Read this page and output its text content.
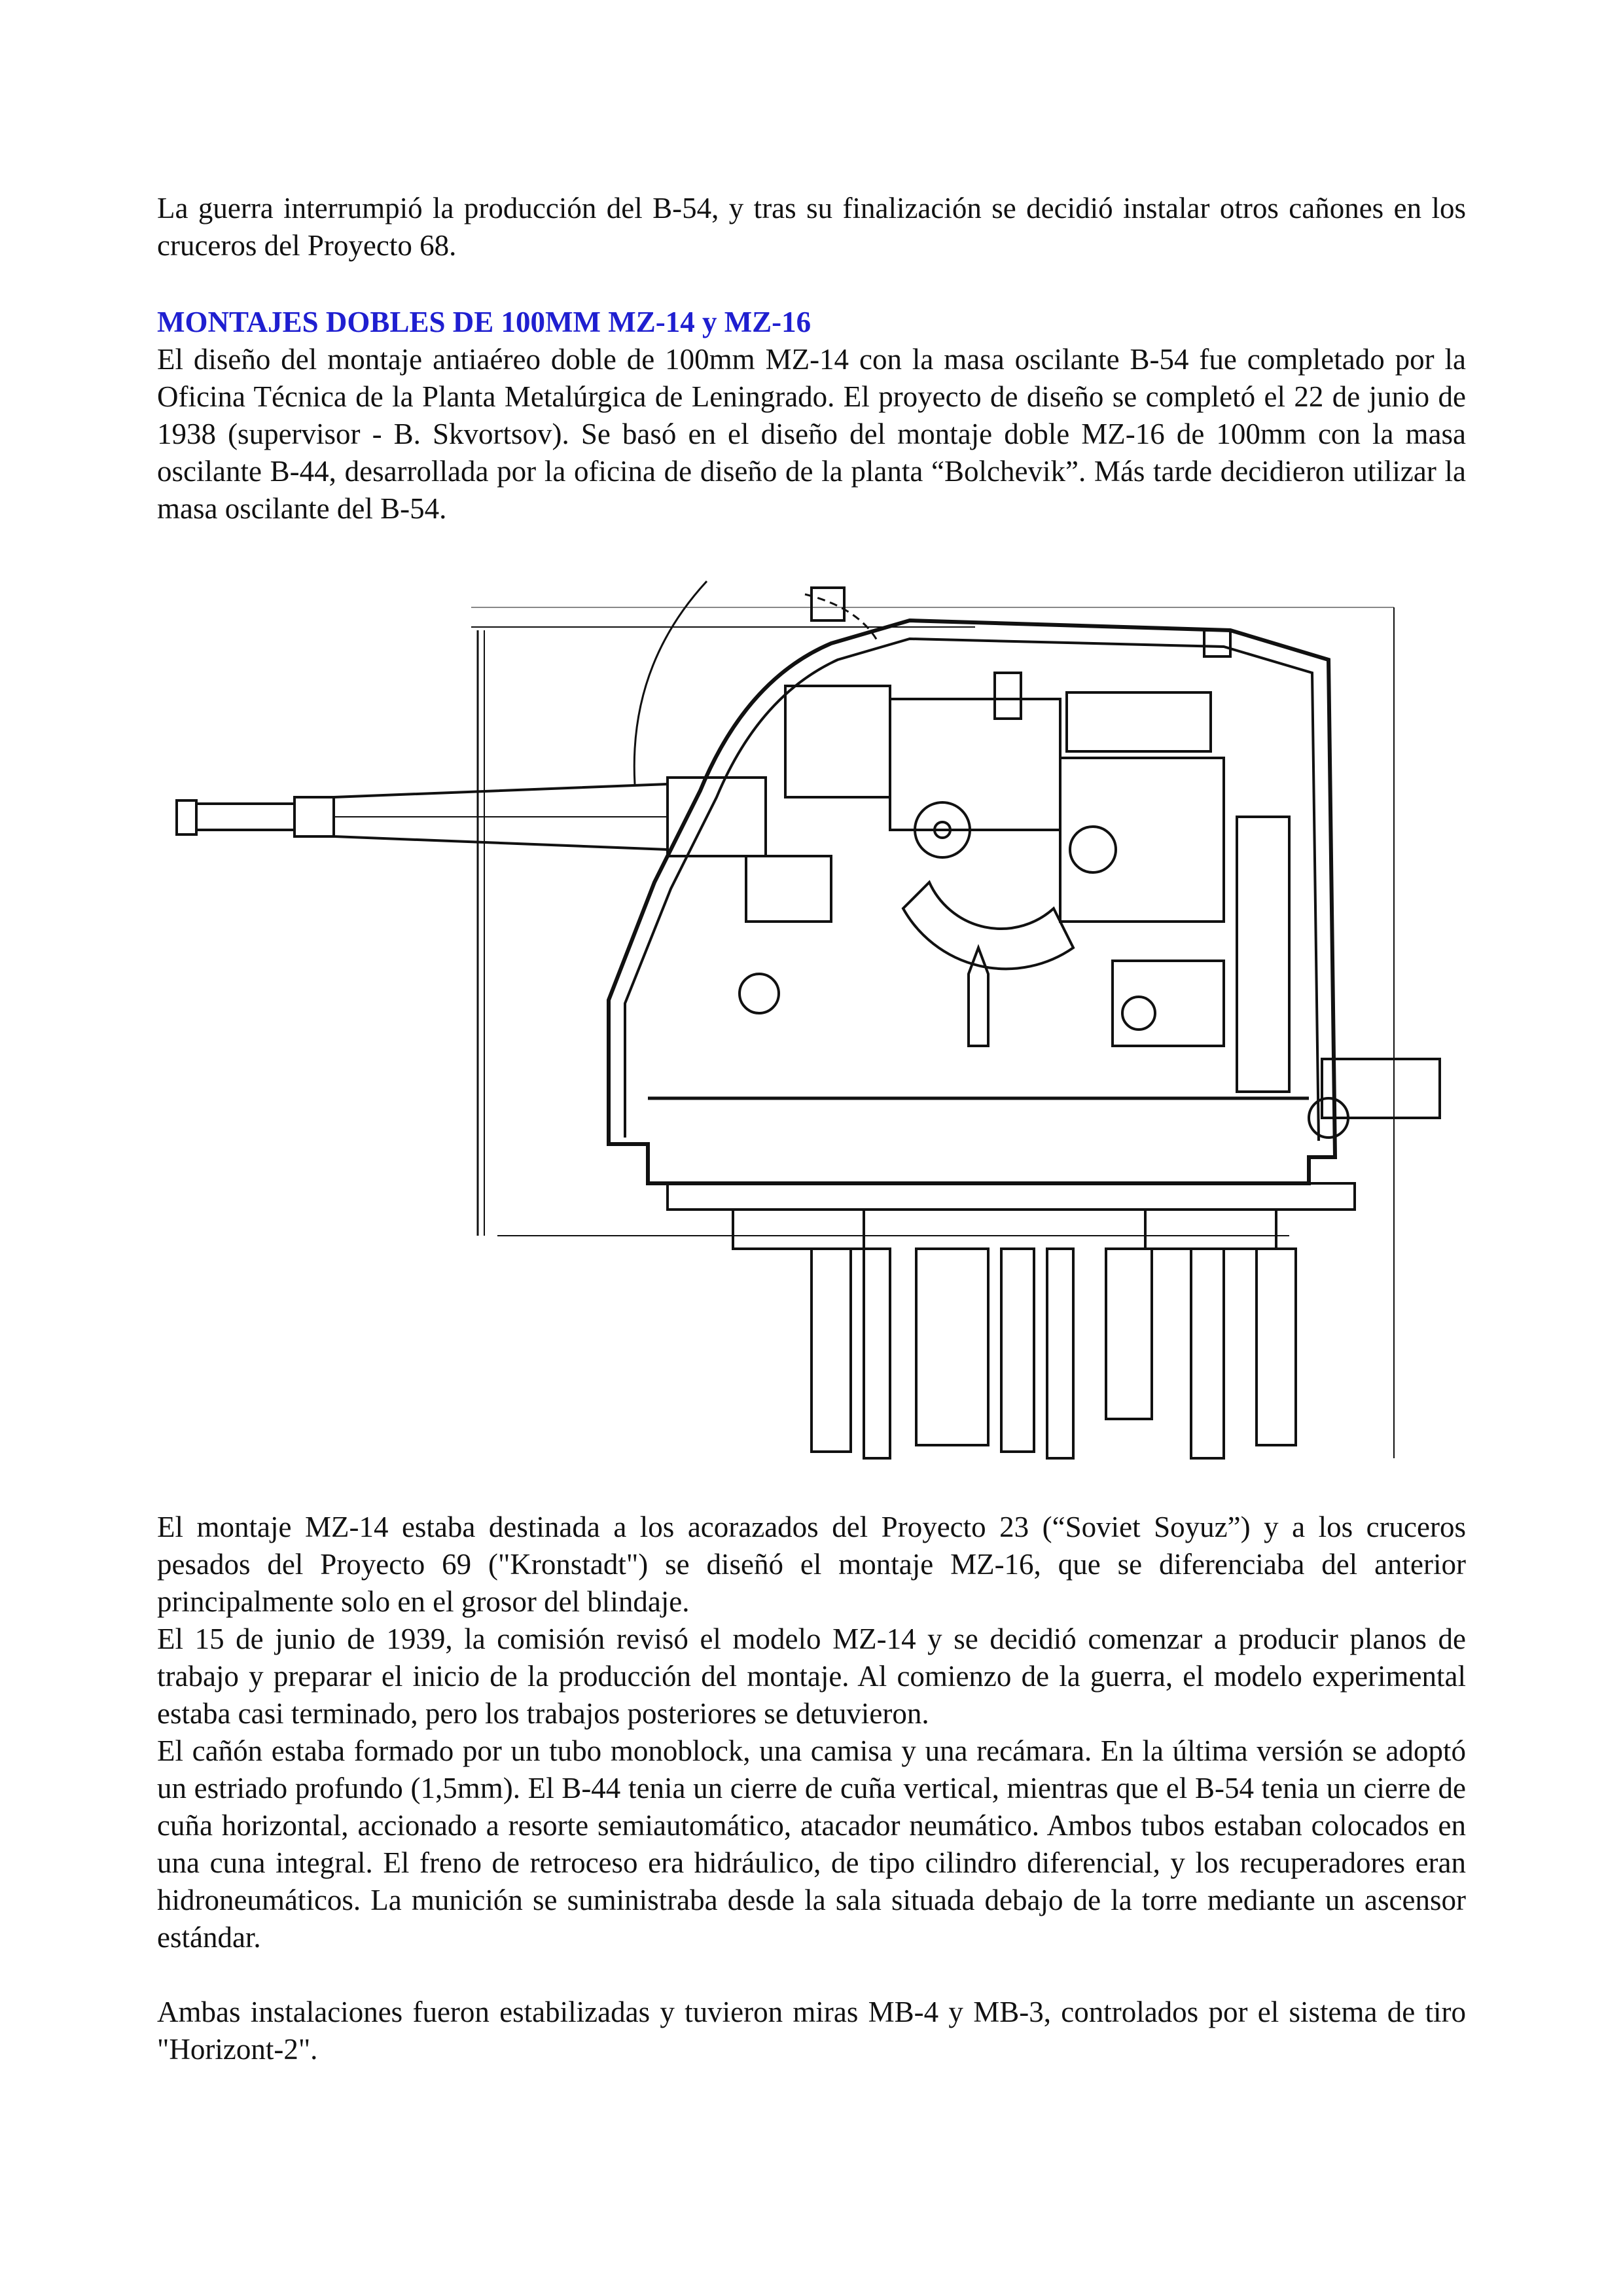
La guerra interrumpió la producción del B-54, y tras su finalización se decidió instalar otros cañones en los cruceros del Proyecto 68.

MONTAJES DOBLES DE 100MM MZ-14 y MZ-16

El diseño del montaje antiaéreo doble de 100mm MZ-14 con la masa oscilante B-54 fue completado por la Oficina Técnica de la Planta Metalúrgica de Leningrado. El proyecto de diseño se completó el 22 de junio de 1938 (supervisor - B. Skvortsov). Se basó en el diseño del montaje doble MZ-16 de 100mm con la masa oscilante B-44, desarrollada por la oficina de diseño de la planta “Bolchevik”. Más tarde decidieron utilizar la masa oscilante del B-54.

El montaje MZ-14 estaba destinada a los acorazados del Proyecto 23 (“Soviet Soyuz”) y a los cruceros pesados del Proyecto 69 ("Kronstadt") se diseñó el montaje MZ-16, que se diferenciaba del anterior principalmente solo en el grosor del blindaje.

El 15 de junio de 1939, la comisión revisó el modelo MZ-14 y se decidió comenzar a producir planos de trabajo y preparar el inicio de la producción del montaje. Al comienzo de la guerra, el modelo experimental estaba casi terminado, pero los trabajos posteriores se detuvieron.

El cañón estaba formado por un tubo monoblock, una camisa y una recámara. En la última versión se adoptó un estriado profundo (1,5mm). El B-44 tenia un cierre de cuña vertical, mientras que el B-54 tenia un cierre de cuña horizontal, accionado a resorte semiautomático, atacador neumático. Ambos tubos estaban colocados en una cuna integral. El freno de retroceso era hidráulico, de tipo cilindro diferencial, y los recuperadores eran hidroneumáticos. La munición se suministraba desde la sala situada debajo de la torre mediante un ascensor estándar.

Ambas instalaciones fueron estabilizadas y tuvieron miras MB-4 y MB-3, controlados por el sistema de tiro "Horizont-2".
